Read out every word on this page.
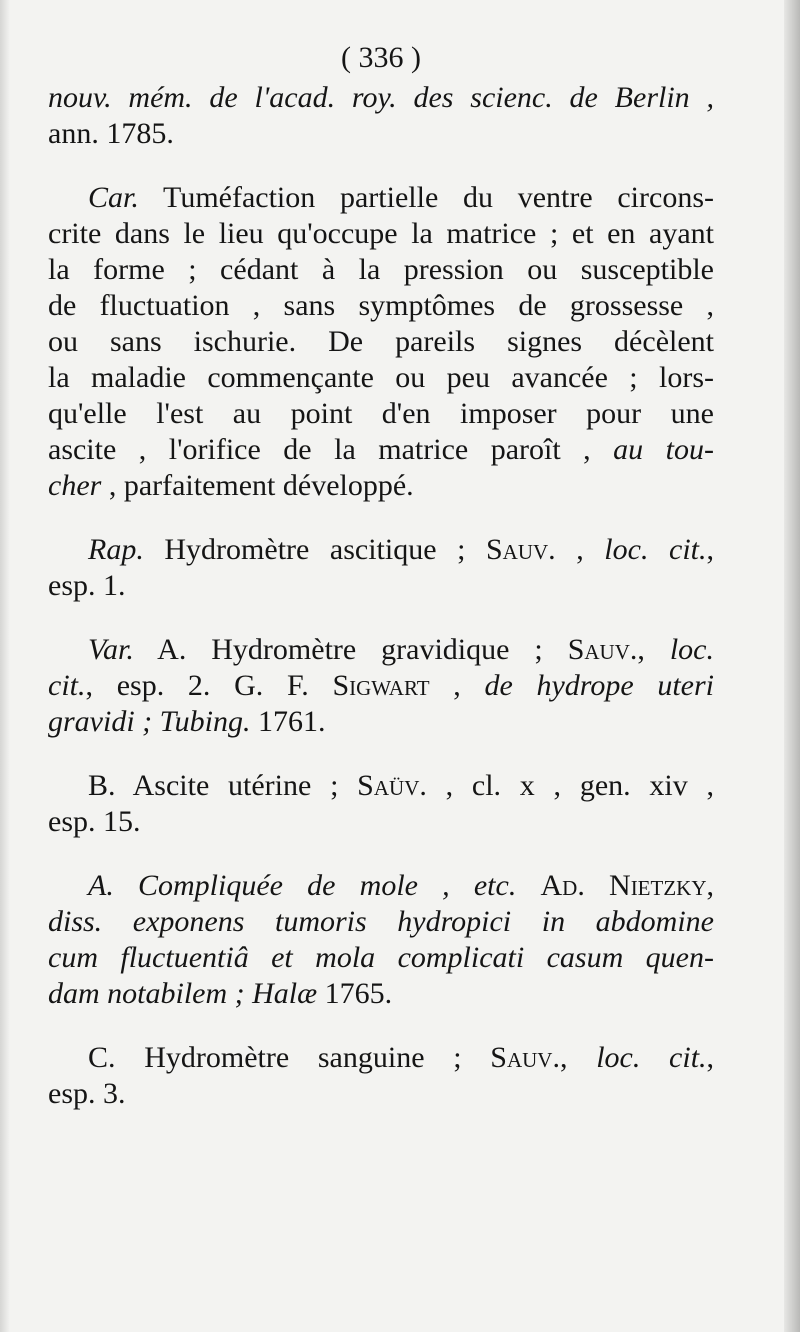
( 336 )
nouv. mém. de l'acad. roy. des scienc. de Berlin ,
ann. 1785.
Car. Tuméfaction partielle du ventre circons-
crite dans le lieu qu'occupe la matrice ; et en ayant
la forme ; cédant à la pression ou susceptible
de fluctuation , sans symptômes de grossesse ,
ou sans ischurie. De pareils signes décèlent
la maladie commençante ou peu avancée ; lors-
qu'elle l'est au point d'en imposer pour une
ascite , l'orifice de la matrice paroît , au tou-
cher , parfaitement développé.
Rap. Hydromètre ascitique ; Sauv. , loc. cit.,
esp. 1.
Var. A. Hydromètre gravidique ; Sauv., loc.
cit., esp. 2. G. F. Sigwart , de hydrope uteri
gravidi ; Tubing. 1761.
B. Ascite utérine ; Saüv. , cl. x , gen. xiv ,
esp. 15.
A. Compliquée de mole , etc. Ad. Nietzky,
diss. exponens tumoris hydropici in abdomine
cum fluctuentiâ et mola complicati casum quen-
dam notabilem ; Halæ 1765.
C. Hydromètre sanguine ; Sauv., loc. cit.,
esp. 3.
